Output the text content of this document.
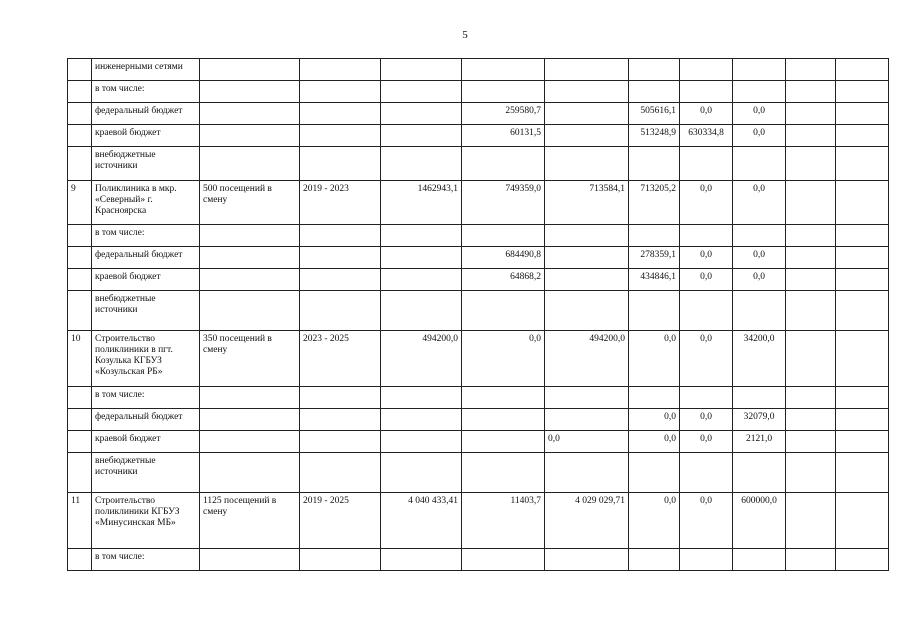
5
	инженерными сетями										
	в том числе:										
	федеральный бюджет				259580,7		505616,1	0,0	0,0		
	краевой бюджет				60131,5		513248,9	630334,8	0,0		
	внебюджетные источники										
9	Поликлиника в мкр. «Северный» г. Красноярска	500 посещений в смену	2019 - 2023	1462943,1	749359,0	713584,1	713205,2	0,0	0,0		
	в том числе:										
	федеральный бюджет				684490,8		278359,1	0,0	0,0		
	краевой бюджет				64868,2		434846,1	0,0	0,0		
	внебюджетные источники										
10	Строительство поликлиники в пгт. Козулька КГБУЗ «Козульская РБ»	350 посещений в смену	2023 - 2025	494200,0	0,0	494200,0	0,0	0,0	34200,0		
	в том числе:										
	федеральный бюджет						0,0	0,0	32079,0		
	краевой бюджет					0,0	0,0	0,0	2121,0		
	внебюджетные источники										
11	Строительство поликлиники КГБУЗ «Минусинская МБ»	1125 посещений в смену	2019 - 2025	4 040 433,41	11403,7	4 029 029,71	0,0	0,0	600000,0		
	в том числе:										
